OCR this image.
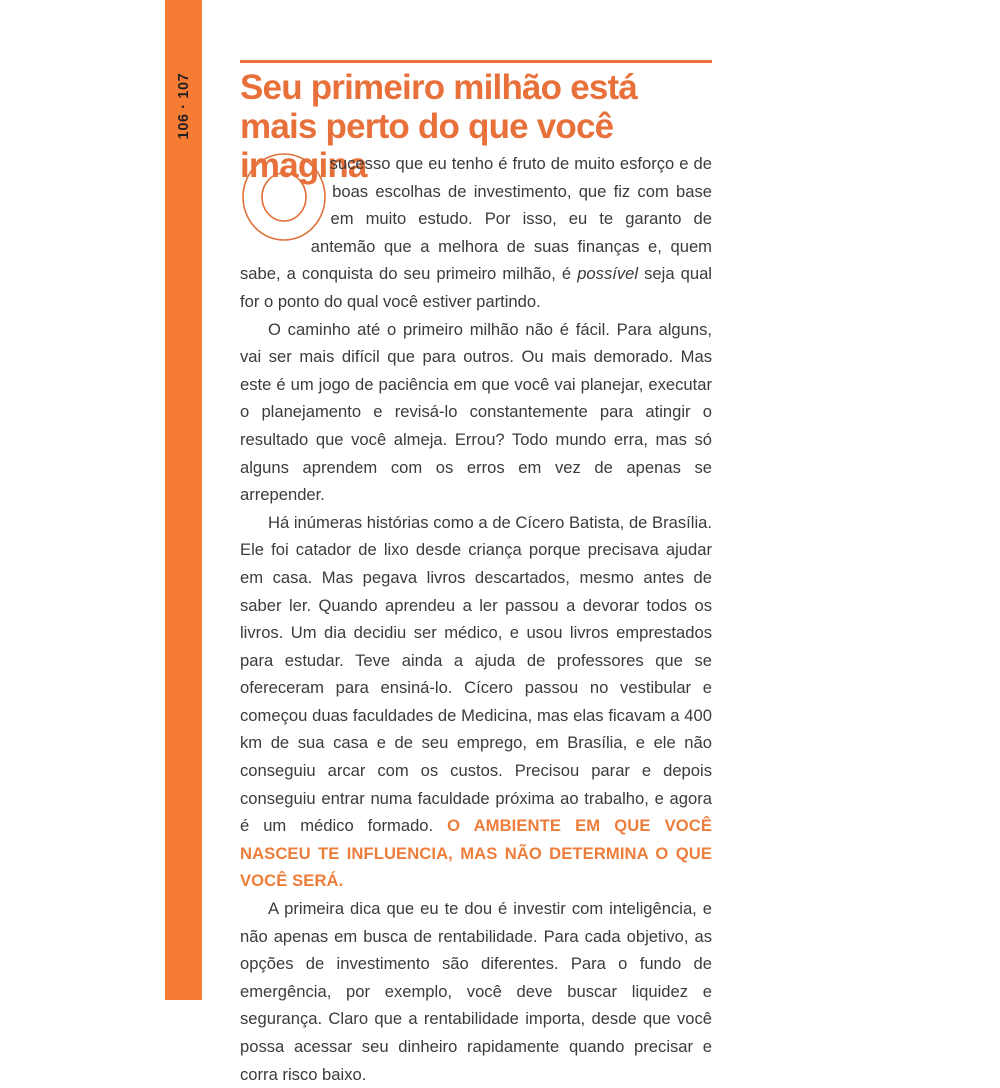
106 · 107 Seu primeiro milhão está mais perto do que você imagina

sucesso que eu tenho é fruto de muito esforço e de boas escolhas de investimento, que fiz com base em muito estudo. Por isso, eu te garanto de antemão que a melhora de suas finanças e, quem sabe, a conquista do seu primeiro milhão, é possível seja qual for o ponto do qual você estiver partindo.

O caminho até o primeiro milhão não é fácil. Para alguns, vai ser mais difícil que para outros. Ou mais demorado. Mas este é um jogo de paciência em que você vai planejar, executar o planejamento e revisá-lo constantemente para atingir o resultado que você almeja. Errou? Todo mundo erra, mas só alguns aprendem com os erros em vez de apenas se arrepender.

Há inúmeras histórias como a de Cícero Batista, de Brasília. Ele foi catador de lixo desde criança porque precisava ajudar em casa. Mas pegava livros descartados, mesmo antes de saber ler. Quando aprendeu a ler passou a devorar todos os livros. Um dia decidiu ser médico, e usou livros emprestados para estudar. Teve ainda a ajuda de professores que se ofereceram para ensiná-lo. Cícero passou no vestibular e começou duas faculdades de Medicina, mas elas ficavam a 400 km de sua casa e de seu emprego, em Brasília, e ele não conseguiu arcar com os custos. Precisou parar e depois conseguiu entrar numa faculdade próxima ao trabalho, e agora é um médico formado. O AMBIENTE EM QUE VOCÊ NASCEU TE INFLUENCIA, MAS NÃO DETERMINA O QUE VOCÊ SERÁ.

A primeira dica que eu te dou é investir com inteligência, e não apenas em busca de rentabilidade. Para cada objetivo, as opções de investimento são diferentes. Para o fundo de emergência, por exemplo, você deve buscar liquidez e segurança. Claro que a rentabilidade importa, desde que você possa acessar seu dinheiro rapidamente quando precisar e corra risco baixo.
